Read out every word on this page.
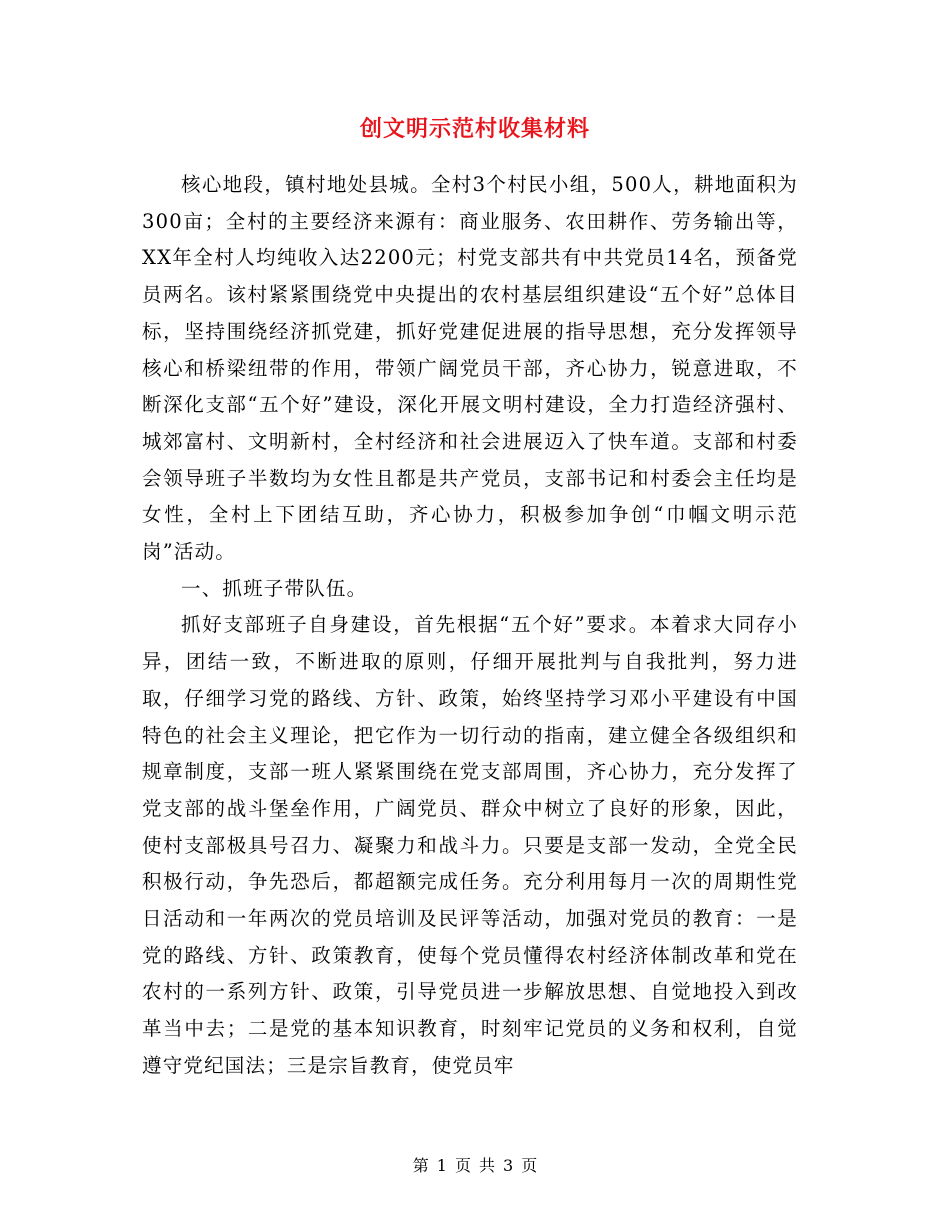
创文明示范村收集材料

核心地段，镇村地处县城。全村3个村民小组，500人，耕地面积为300亩；全村的主要经济来源有：商业服务、农田耕作、劳务输出等，XX年全村人均纯收入达2200元；村党支部共有中共党员14名，预备党员两名。该村紧紧围绕党中央提出的农村基层组织建设“五个好”总体目标，坚持围绕经济抓党建，抓好党建促进展的指导思想，充分发挥领导核心和桥梁纽带的作用，带领广阔党员干部，齐心协力，锐意进取，不断深化支部“五个好”建设，深化开展文明村建设，全力打造经济强村、城郊富村、文明新村，全村经济和社会进展迈入了快车道。支部和村委会领导班子半数均为女性且都是共产党员，支部书记和村委会主任均是女性，全村上下团结互助，齐心协力，积极参加争创“巾帼文明示范岗”活动。

一、抓班子带队伍。

抓好支部班子自身建设，首先根据“五个好”要求。本着求大同存小异，团结一致，不断进取的原则，仔细开展批判与自我批判，努力进取，仔细学习党的路线、方针、政策，始终坚持学习邓小平建设有中国特色的社会主义理论，把它作为一切行动的指南，建立健全各级组织和规章制度，支部一班人紧紧围绕在党支部周围，齐心协力，充分发挥了党支部的战斗堡垒作用，广阔党员、群众中树立了良好的形象，因此，使村支部极具号召力、凝聚力和战斗力。只要是支部一发动，全党全民积极行动，争先恐后，都超额完成任务。充分利用每月一次的周期性党日活动和一年两次的党员培训及民评等活动，加强对党员的教育：一是党的路线、方针、政策教育，使每个党员懂得农村经济体制改革和党在农村的一系列方针、政策，引导党员进一步解放思想、自觉地投入到改革当中去；二是党的基本知识教育，时刻牢记党员的义务和权利，自觉遵守党纪国法；三是宗旨教育，使党员牢

第 1 页 共 3 页
